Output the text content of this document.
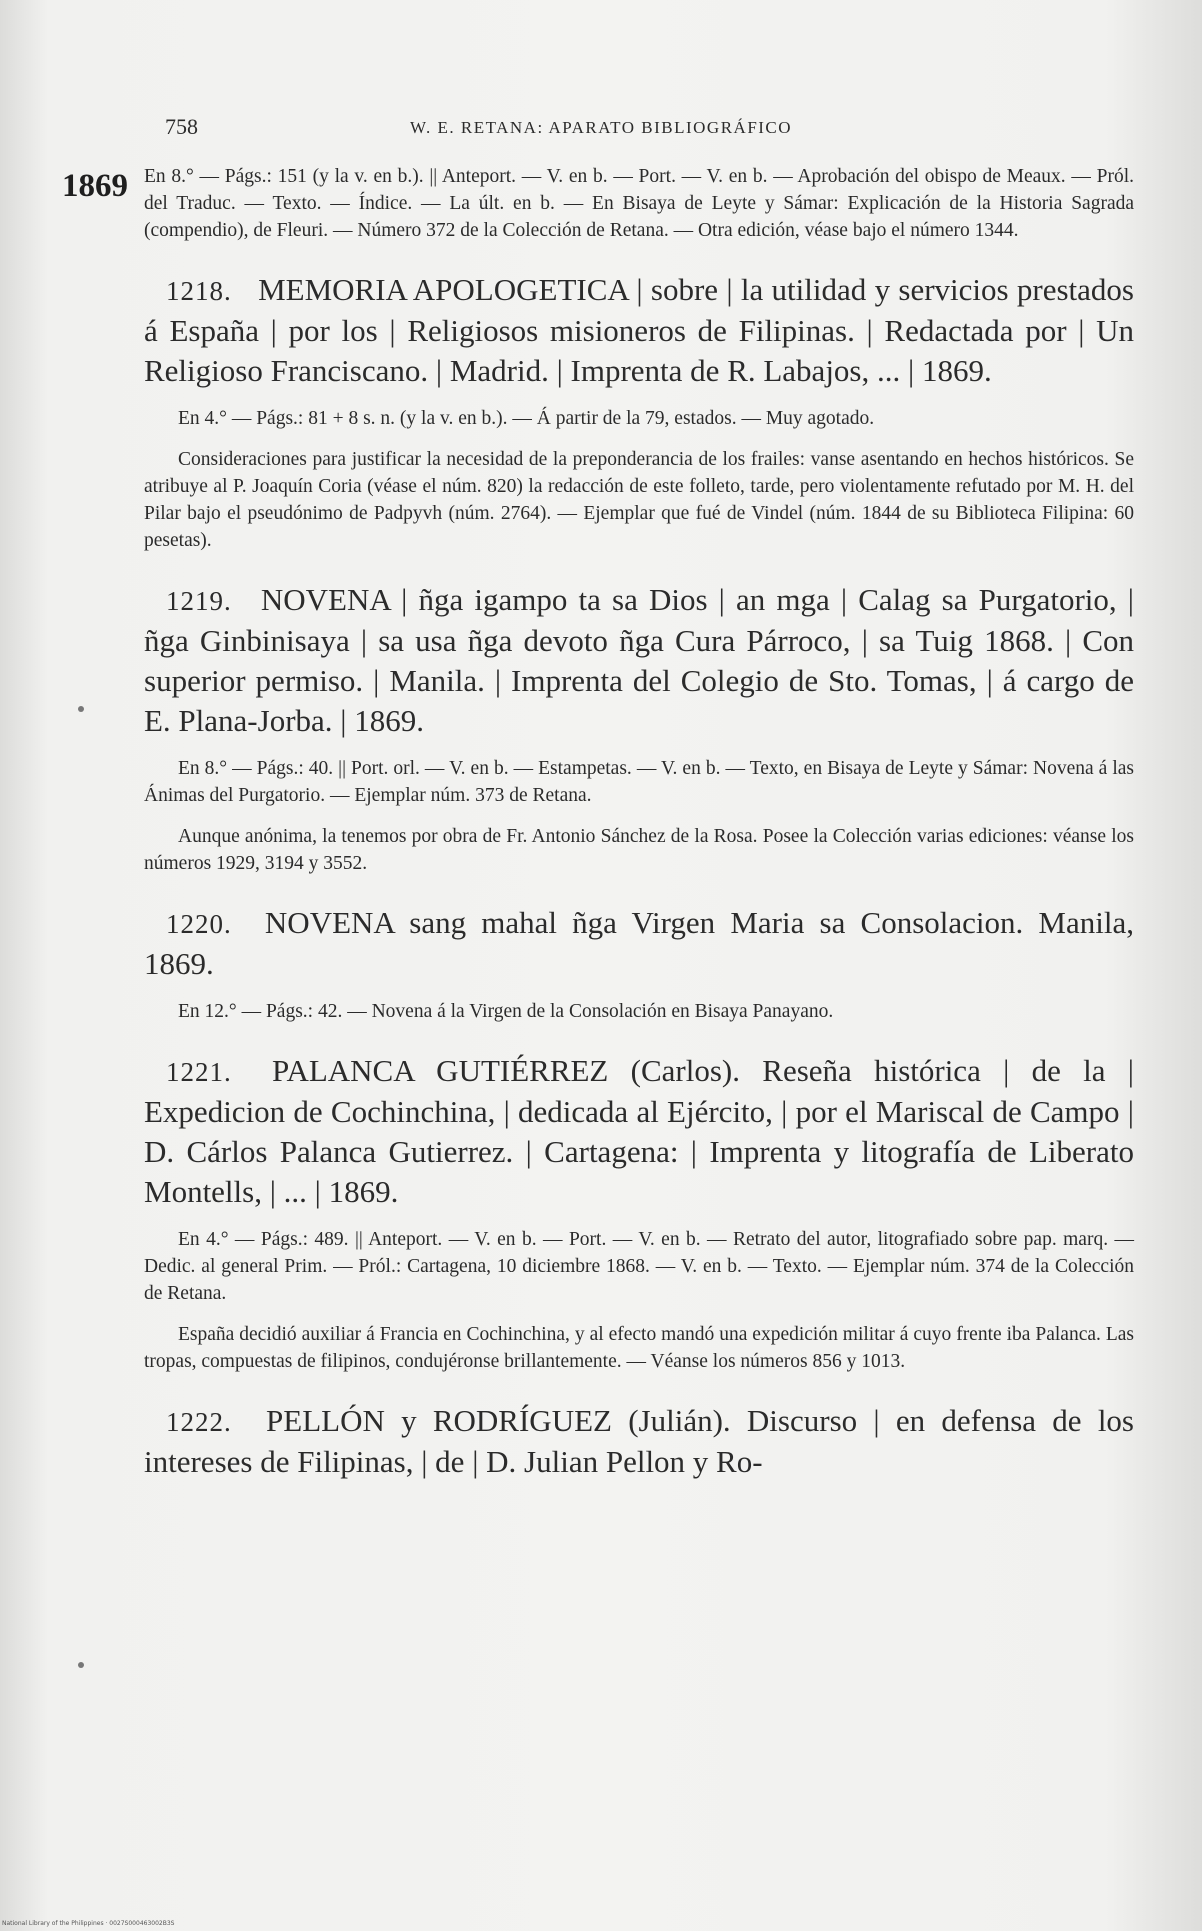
758	W. E. RETANA: APARATO BIBLIOGRÁFICO
1869 En 8.° — Págs.: 151 (y la v. en b.). || Anteport. — V. en b. — Port. — V. en b. — Aprobación del obispo de Meaux. — Pról. del Traduc. — Texto. — Índice. — La últ. en b. — En Bisaya de Leyte y Sámar: Explicación de la Historia Sagrada (compendio), de Fleuri. — Número 372 de la Colección de Retana. — Otra edición, véase bajo el número 1344.

1218. MEMORIA APOLOGETICA | sobre | la utilidad y servicios prestados á España | por los | Religiosos misioneros de Filipinas. | Redactada por | Un Religioso Franciscano. | Madrid. | Imprenta de R. Labajos, ... | 1869.

En 4.° — Págs.: 81 + 8 s. n. (y la v. en b.). — Á partir de la 79, estados. — Muy agotado.

Consideraciones para justificar la necesidad de la preponderancia de los frailes: vanse asentando en hechos históricos. Se atribuye al P. Joaquín Coria (véase el núm. 820) la redacción de este folleto, tarde, pero violentamente refutado por M. H. del Pilar bajo el pseudónimo de Padpyvh (núm. 2764). — Ejemplar que fué de Vindel (núm. 1844 de su Biblioteca Filipina: 60 pesetas).

1219. NOVENA | ñga igampo ta sa Dios | an mga | Calag sa Purgatorio, | ñga Ginbinisaya | sa usa ñga devoto ñga Cura Párroco, | sa Tuig 1868. | Con superior permiso. | Manila. | Imprenta del Colegio de Sto. Tomas, | á cargo de E. Plana-Jorba. | 1869.

En 8.° — Págs.: 40. || Port. orl. — V. en b. — Estampetas. — V. en b. — Texto, en Bisaya de Leyte y Sámar: Novena á las Ánimas del Purgatorio. — Ejemplar núm. 373 de Retana.

Aunque anónima, la tenemos por obra de Fr. Antonio Sánchez de la Rosa. Posee la Colección varias ediciones: véanse los números 1929, 3194 y 3552.

1220. NOVENA sang mahal ñga Virgen Maria sa Consolacion. Manila, 1869.

En 12.° — Págs.: 42. — Novena á la Virgen de la Consolación en Bisaya Panayano.

1221. PALANCA GUTIÉRREZ (Carlos). Reseña histórica | de la | Expedicion de Cochinchina, | dedicada al Ejército, | por el Mariscal de Campo | D. Cárlos Palanca Gutierrez. | Cartagena: | Imprenta y litografía de Liberato Montells, | ... | 1869.

En 4.° — Págs.: 489. || Anteport. — V. en b. — Port. — V. en b. — Retrato del autor, litografiado sobre pap. marq. — Dedic. al general Prim. — Pról.: Cartagena, 10 diciembre 1868. — V. en b. — Texto. — Ejemplar núm. 374 de la Colección de Retana.

España decidió auxiliar á Francia en Cochinchina, y al efecto mandó una expedición militar á cuyo frente iba Palanca. Las tropas, compuestas de filipinos, condujéronse brillantemente. — Véanse los números 856 y 1013.

1222. PELLÓN y RODRÍGUEZ (Julián). Discurso | en defensa de los intereses de Filipinas, | de | D. Julian Pellon y Ro-

National Library of the Philippines · 0027S000463002B3S
